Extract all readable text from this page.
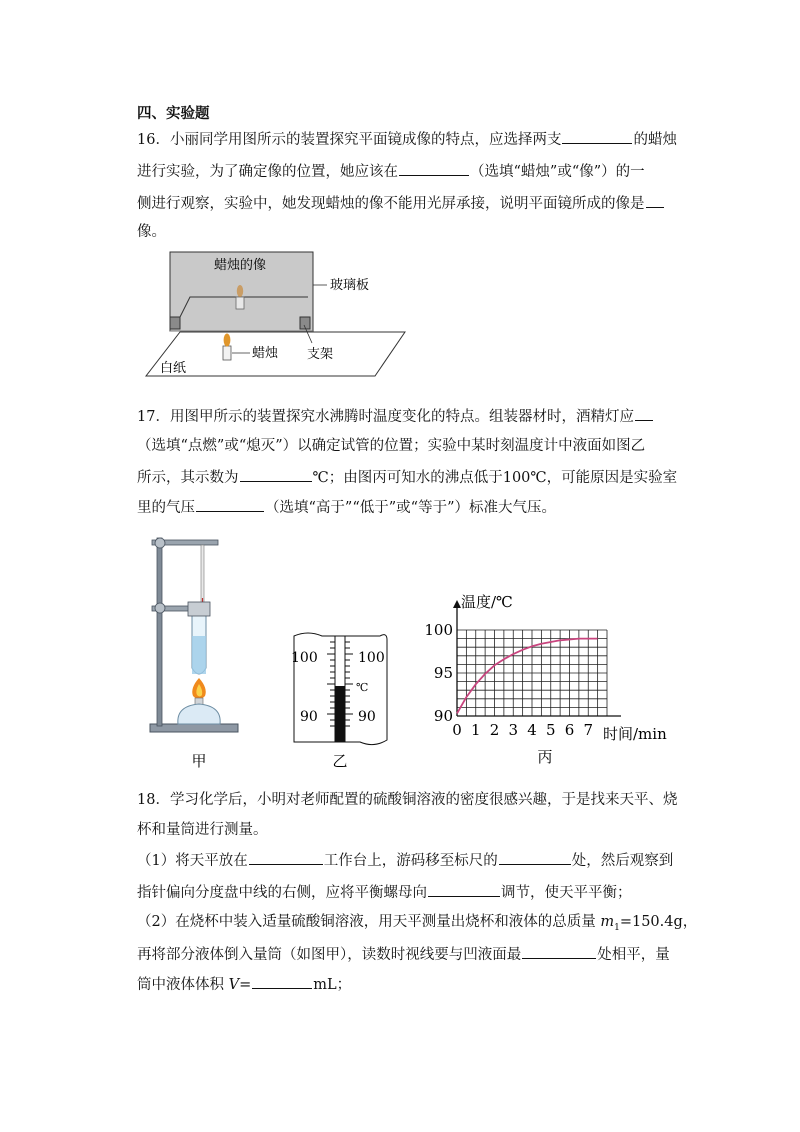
四、实验题
16．小丽同学用图所示的装置探究平面镜成像的特点，应选择两支	的蜡烛
进行实验，为了确定像的位置，她应该在	（选填“蜡烛”或“像”）的一
侧进行观察，实验中，她发现蜡烛的像不能用光屏承接，说明平面镜所成的像是
像。
蜡烛的像
玻璃板
蜡烛 支架
白纸
17．用图甲所示的装置探究水沸腾时温度变化的特点。组装器材时，酒精灯应
（选填“点燃”或“熄灭”）以确定试管的位置；实验中某时刻温度计中液面如图乙
所示，其示数为	℃；由图丙可知水的沸点低于100℃，可能原因是实验室
里的气压	（选填“高于”“低于”或“等于”）标准大气压。
甲
100	100
℃
90	90
乙
0 1 2 3 4 5 6 7
90
95
100
温度/℃
时间/min
丙
18．学习化学后，小明对老师配置的硫酸铜溶液的密度很感兴趣，于是找来天平、烧
杯和量筒进行测量。
（1）将天平放在	工作台上，游码移至标尺的	处，然后观察到
指针偏向分度盘中线的右侧，应将平衡螺母向	调节，使天平平衡；
（2）在烧杯中装入适量硫酸铜溶液，用天平测量出烧杯和液体的总质量 $m_1=150.4g$，
再将部分液体倒入量筒（如图甲），读数时视线要与凹液面最	处相平，量
筒中液体体积 V=	mL；
